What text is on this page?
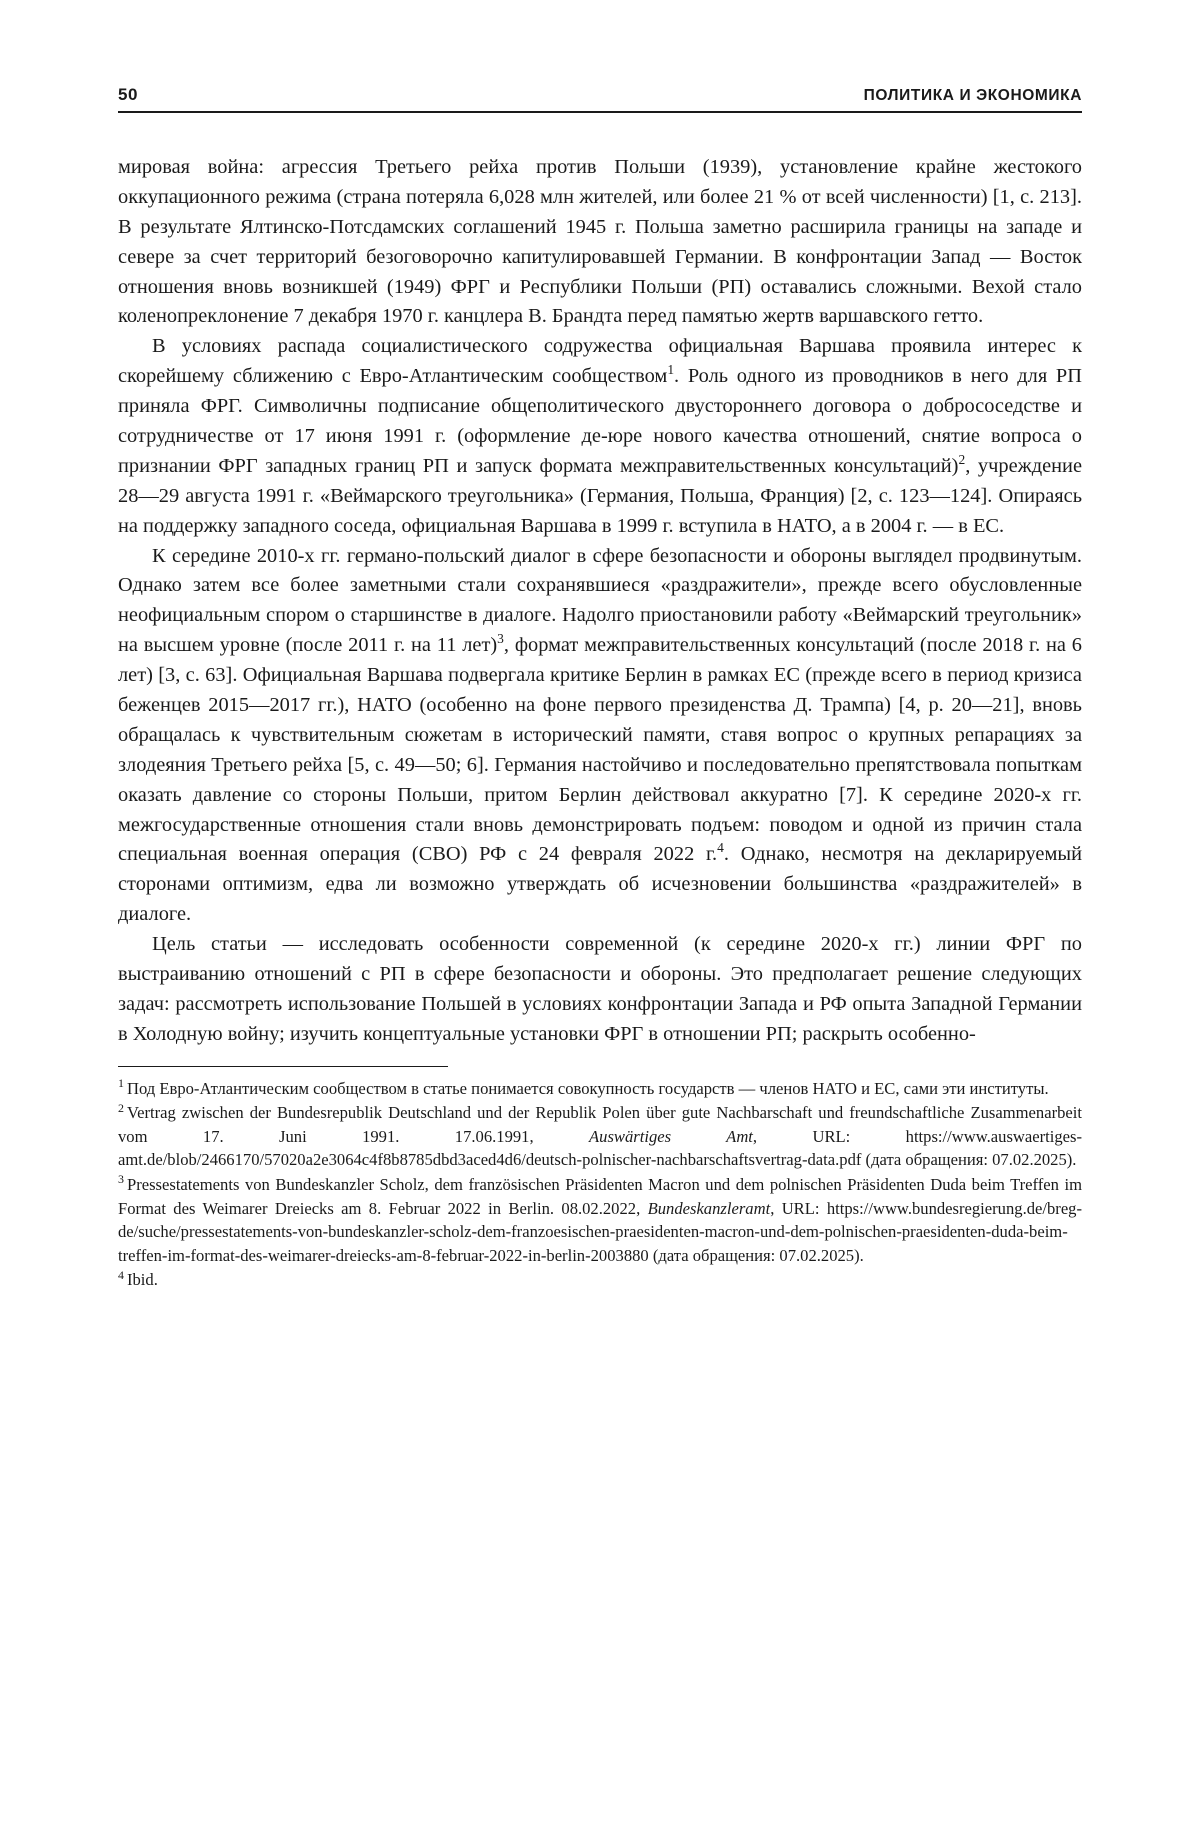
50	ПОЛИТИКА И ЭКОНОМИКА

мировая война: агрессия Третьего рейха против Польши (1939), установление крайне жестокого оккупационного режима (страна потеряла 6,028 млн жителей, или более 21 % от всей численности) [1, с. 213]. В результате Ялтинско-Потсдамских соглашений 1945 г. Польша заметно расширила границы на западе и севере за счет территорий безоговорочно капитулировавшей Германии. В конфронтации Запад — Восток отношения вновь возникшей (1949) ФРГ и Республики Польши (РП) оставались сложными. Вехой стало коленопреклонение 7 декабря 1970 г. канцлера В. Брандта перед памятью жертв варшавского гетто.

В условиях распада социалистического содружества официальная Варшава проявила интерес к скорейшему сближению с Евро-Атлантическим сообществом$^1$. Роль одного из проводников в него для РП приняла ФРГ. Символичны подписание общеполитического двустороннего договора о добрососедстве и сотрудничестве от 17 июня 1991 г. (оформление де-юре нового качества отношений, снятие вопроса о признании ФРГ западных границ РП и запуск формата межправительственных консультаций)$^2$, учреждение 28—29 августа 1991 г. «Веймарского треугольника» (Германия, Польша, Франция) [2, с. 123—124]. Опираясь на поддержку западного соседа, официальная Варшава в 1999 г. вступила в НАТО, а в 2004 г. — в ЕС.

К середине 2010-х гг. германо-польский диалог в сфере безопасности и обороны выглядел продвинутым. Однако затем все более заметными стали сохранявшиеся «раздражители», прежде всего обусловленные неофициальным спором о старшинстве в диалоге. Надолго приостановили работу «Веймарский треугольник» на высшем уровне (после 2011 г. на 11 лет)$^3$, формат межправительственных консультаций (после 2018 г. на 6 лет) [3, с. 63]. Официальная Варшава подвергала критике Берлин в рамках ЕС (прежде всего в период кризиса беженцев 2015—2017 гг.), НАТО (особенно на фоне первого президенства Д. Трампа) [4, p. 20—21], вновь обращалась к чувствительным сюжетам в историчеcкий памяти, ставя вопрос о крупных репарациях за злодеяния Третьего рейха [5, с. 49—50; 6]. Германия настойчиво и последовательно препятствовала попыткам оказать давление со стороны Польши, притом Берлин действовал аккуратно [7]. К середине 2020-х гг. межгосударственные отношения стали вновь демонстрировать подъем: поводом и одной из причин стала специальная военная операция (СВО) РФ с 24 февраля 2022 г.$^4$. Однако, несмотря на декларируемый сторонами оптимизм, едва ли возможно утверждать об исчезновении большинства «раздражителей» в диалоге.

Цель статьи — исследовать особенности современной (к середине 2020-х гг.) линии ФРГ по выстраиванию отношений с РП в сфере безопасности и обороны. Это предполагает решение следующих задач: рассмотреть использование Польшей в условиях конфронтации Запада и РФ опыта Западной Германии в Холодную войну; изучить концептуальные установки ФРГ в отношении РП; раскрыть особенно-

$^1$ Под Евро-Атлантическим сообществом в статье понимается совокупность государств — членов НАТО и ЕС, сами эти институты.

$^2$ Vertrag zwischen der Bundesrepublik Deutschland und der Republik Polen über gute Nachbarschaft und freundschaftliche Zusammenarbeit vom 17. Juni 1991. 17.06.1991, Auswärtiges Amt, URL: https://www.auswaertiges-amt.de/blob/2466170/57020a2e3064c4f8b8785dbd3aced4d6/deutsch-polnischer-nachbarschaftsvertrag-data.pdf (дата обращения: 07.02.2025).

$^3$ Pressestatements von Bundeskanzler Scholz, dem französischen Präsidenten Macron und dem polnischen Präsidenten Duda beim Treffen im Format des Weimarer Dreiecks am 8. Februar 2022 in Berlin. 08.02.2022, Bundeskanzleramt, URL: https://www.bundesregierung.de/breg-de/suche/pressestatements-von-bundeskanzler-scholz-dem-franzoesischen-praesidenten-macron-und-dem-polnischen-praesidenten-duda-beim-treffen-im-format-des-weimarer-dreiecks-am-8-februar-2022-in-berlin-2003880 (дата обращения: 07.02.2025).

$^4$ Ibid.
